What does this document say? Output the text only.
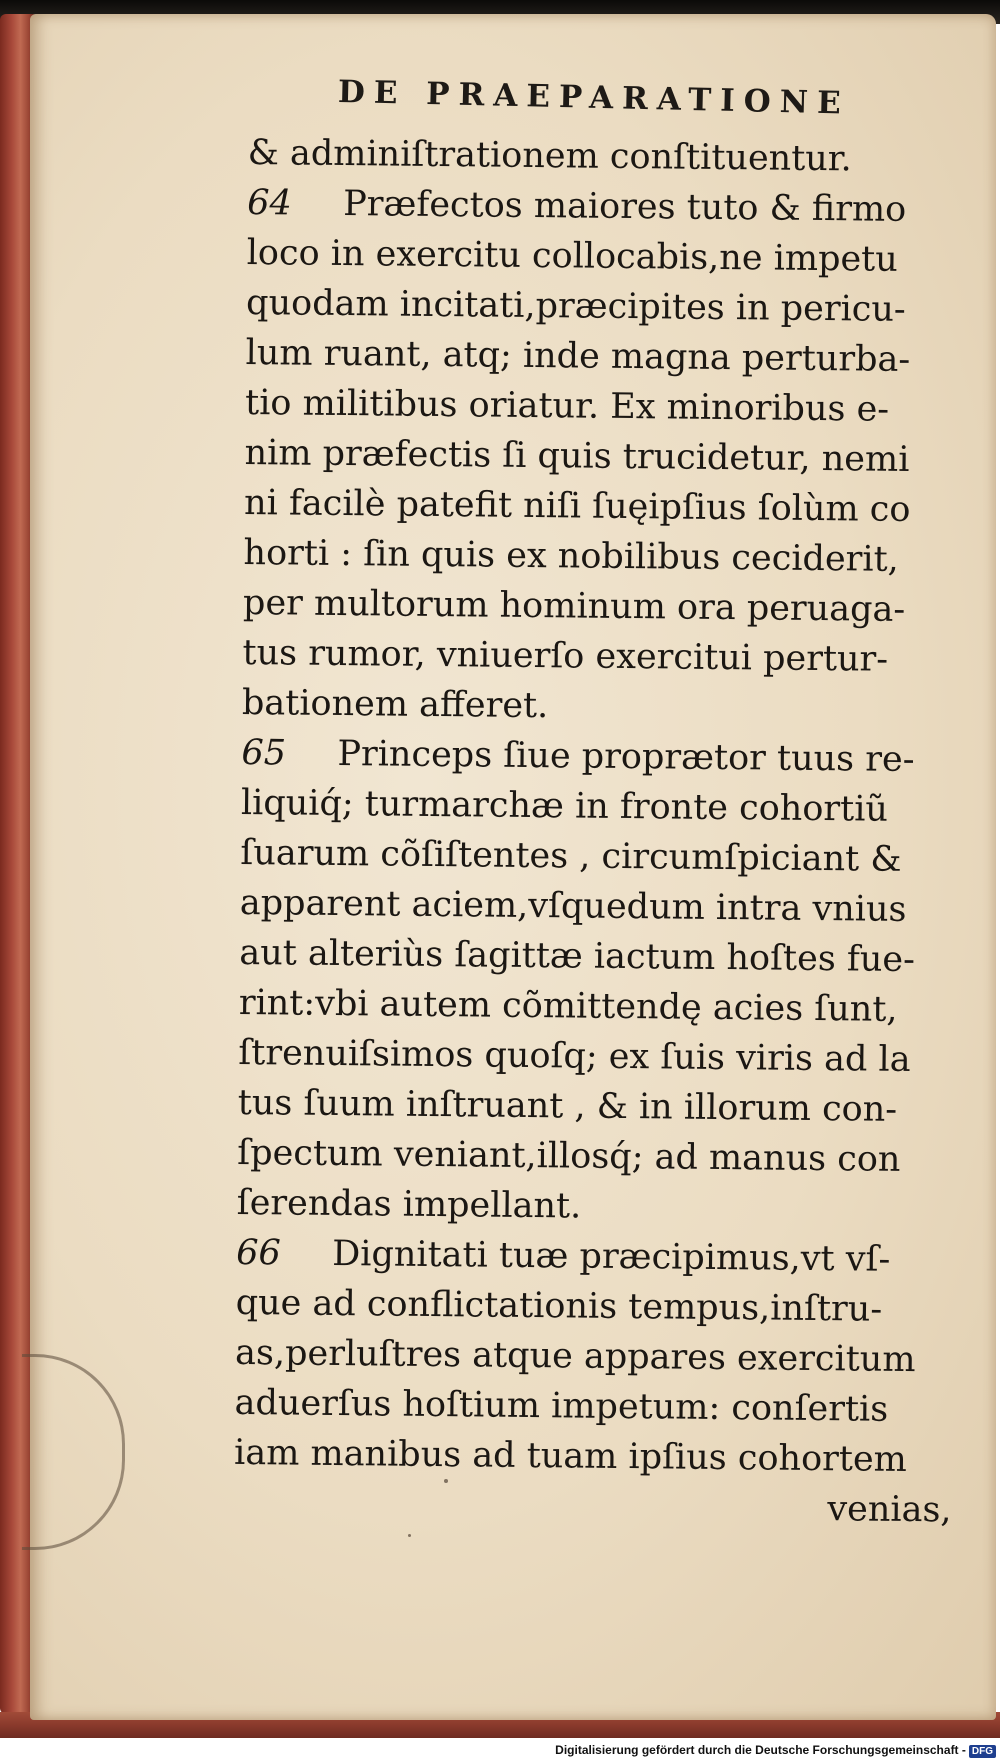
DE PRAEPARATIONE
& adminiſtrationem conſtituentur.
64 Præfectos maiores tuto & firmo
loco in exercitu collocabis,ne impetu
quodam incitati,præcipites in pericu-
lum ruant, atq; inde magna perturba-
tio militibus oriatur. Ex minoribus e-
nim præfectis ſi quis trucidetur, nemi
ni facilè patefit niſi ſuęipſius ſolùm co
horti : ſin quis ex nobilibus ceciderit,
per multorum hominum ora peruaga-
tus rumor, vniuerſo exercitui pertur-
bationem afferet.
65 Princeps ſiue proprætor tuus re-
liquiq́; turmarchæ in fronte cohortiũ
ſuarum cõſiſtentes , circumſpiciant &
apparent aciem,vſquedum intra vnius
aut alteriùs ſagittæ iactum hoſtes fue-
rint:vbi autem cõmittendę acies ſunt,
ſtrenuiſsimos quoſq; ex ſuis viris ad la
tus ſuum inſtruant , & in illorum con-
ſpectum veniant,illosq́; ad manus con
ſerendas impellant.
66 Dignitati tuæ præcipimus,vt vſ-
que ad conflictationis tempus,inſtru-
as,perluſtres atque appares exercitum
aduerſus hoſtium impetum: conſertis
iam manibus ad tuam ipſius cohortem
venias,
Digitalisierung gefördert durch die Deutsche Forschungsgemeinschaft - DFG
